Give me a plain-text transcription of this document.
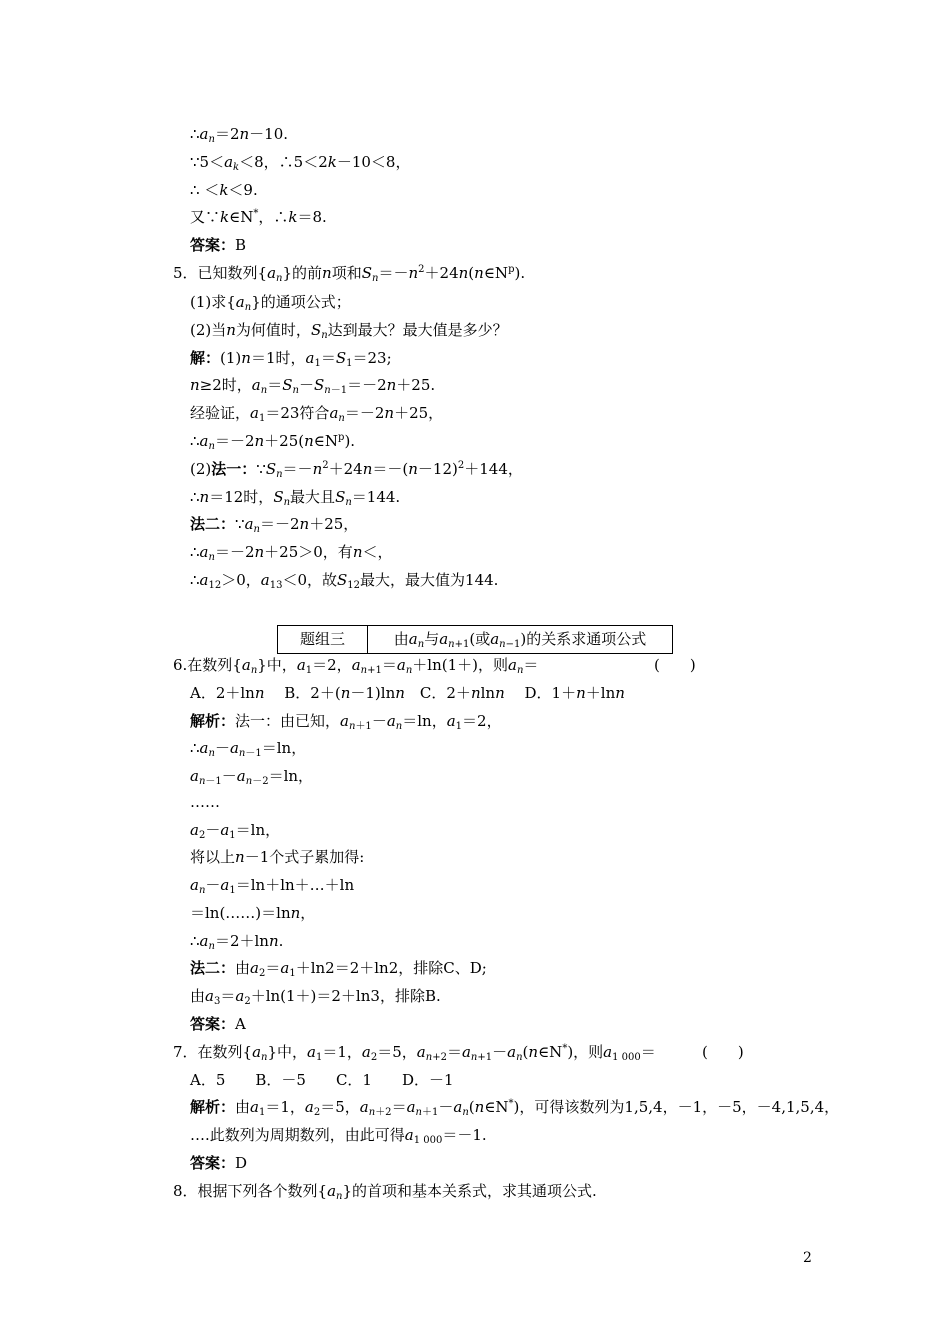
$\therefore a_n=2n-10$.
$\because 5<a_k<8$，∴5＜2k－10＜8，
∴ ＜k＜9.
又∵k∈N*，∴k＝8.
答案：B
5．已知数列$\{a_n\}$的前n项和$S_n=-n^2+24n(n\in N^p)$.
(1)求$\{a_n\}$的通项公式；
(2)当n为何值时，$S_n$达到最大？最大值是多少？
解：(1)n＝1时，$a_1=S_1=23$;
n≥2时，$a_n=S_n-S_{n-1}=-2n+25$.
经验证，$a_1=23$符合$a_n=-2n+25$，
$\therefore a_n=-2n+25(n\in N^p)$.
(2)法一：$\because S_n=-n^2+24n=-(n-12)^2+144$，
∴n＝12时，$S_n$最大且$S_n=144$.
法二：$\because a_n=-2n+25$，
$\therefore a_n=-2n+25>0$，有n＜，
$\therefore a_{12}>0$，$a_{13}<0$，故$S_{12}$最大，最大值为144.
题组三	由$a_n$与$a_{n+1}$(或$a_{n-1}$)的关系求通项公式
6.在数列$\{a_n\}$中，$a_1=2$，$a_{n+1}=a_n+\ln(1+)$，则$a_n=$	(　　)
A．2＋lnn　 B．2＋(n－1)lnn　C．2＋nlnn　 D．1＋n＋lnn
解析：法一：由已知，$a_{n+1}-a_n=\ln$，$a_1=2$，
$\therefore a_n-a_{n-1}=\ln$，
$a_{n-1}-a_{n-2}=\ln$，
……
$a_2-a_1=\ln$，
将以上n－1个式子累加得:
$a_n-a_1=\ln+\ln+\dots+\ln$
＝ln(……)＝lnn，
$\therefore a_n=2+\ln n$.
法二：由$a_2=a_1+\ln 2=2+\ln 2$，排除C、D;
由$a_3=a_2+\ln(1+)=2+\ln 3$，排除B.
答案：A
7．在数列$\{a_n\}$中，$a_1=1$，$a_2=5$，$a_{n+2}=a_{n+1}-a_n(n\in N^*)$，则$a_{1 000}=$	(　　)
A．5　　B．－5　　C．1　　D．－1
解析：由$a_1=1$，$a_2=5$，$a_{n+2}=a_{n+1}-a_n(n\in N^*)$，可得该数列为1,5,4，－1，－5，－4,1,5,4，
….此数列为周期数列，由此可得$a_{1 000}=-1$.
答案：D
8．根据下列各个数列$\{a_n\}$的首项和基本关系式，求其通项公式.
2
